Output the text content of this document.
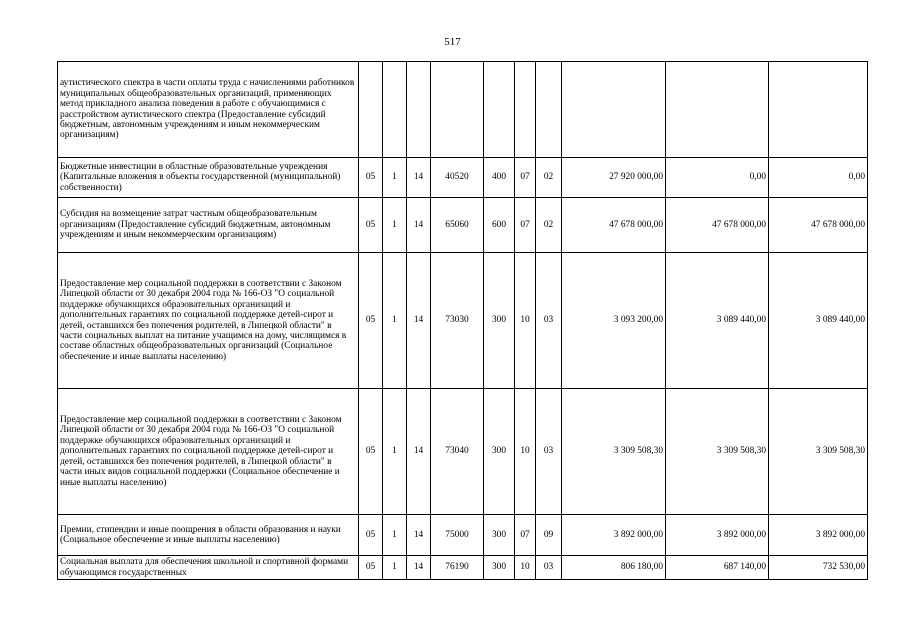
517
аутистического спектра в части оплаты труда с начислениями работников муниципальных общеобразовательных организаций, применяющих метод прикладного анализа поведения в работе с обучающимися с расстройством аутистического спектра (Предоставление субсидий бюджетным, автономным учреждениям и иным некоммерческим организациям)										
Бюджетные инвестиции в областные образовательные учреждения (Капитальные вложения в объекты государственной (муниципальной) собственности)	05	1	14	40520	400	07	02	27 920 000,00	0,00	0,00
Субсидия на возмещение затрат частным общеобразовательным организациям (Предоставление субсидий бюджетным, автономным учреждениям и иным некоммерческим организациям)	05	1	14	65060	600	07	02	47 678 000,00	47 678 000,00	47 678 000,00
Предоставление мер социальной поддержки в соответствии с Законом Липецкой области от 30 декабря 2004 года № 166-ОЗ "О социальной поддержке обучающихся образовательных организаций и дополнительных гарантиях по социальной поддержке детей-сирот и детей, оставшихся без попечения родителей, в Липецкой области" в части социальных выплат на питание учащимся на дому, числящимся в составе областных общеобразовательных организаций (Социальное обеспечение и иные выплаты населению)	05	1	14	73030	300	10	03	3 093 200,00	3 089 440,00	3 089 440,00
Предоставление мер социальной поддержки в соответствии с Законом Липецкой области от 30 декабря 2004 года № 166-ОЗ "О социальной поддержке обучающихся образовательных организаций и дополнительных гарантиях по социальной поддержке детей-сирот и детей, оставшихся без попечения родителей, в Липецкой области" в части иных видов социальной поддержки (Социальное обеспечение и иные выплаты населению)	05	1	14	73040	300	10	03	3 309 508,30	3 309 508,30	3 309 508,30
Премии, стипендии и иные поощрения в области образования и науки (Социальное обеспечение и иные выплаты населению)	05	1	14	75000	300	07	09	3 892 000,00	3 892 000,00	3 892 000,00
Социальная выплата для обеспечения школьной и спортивной формами обучающимся государственных	05	1	14	76190	300	10	03	806 180,00	687 140,00	732 530,00
